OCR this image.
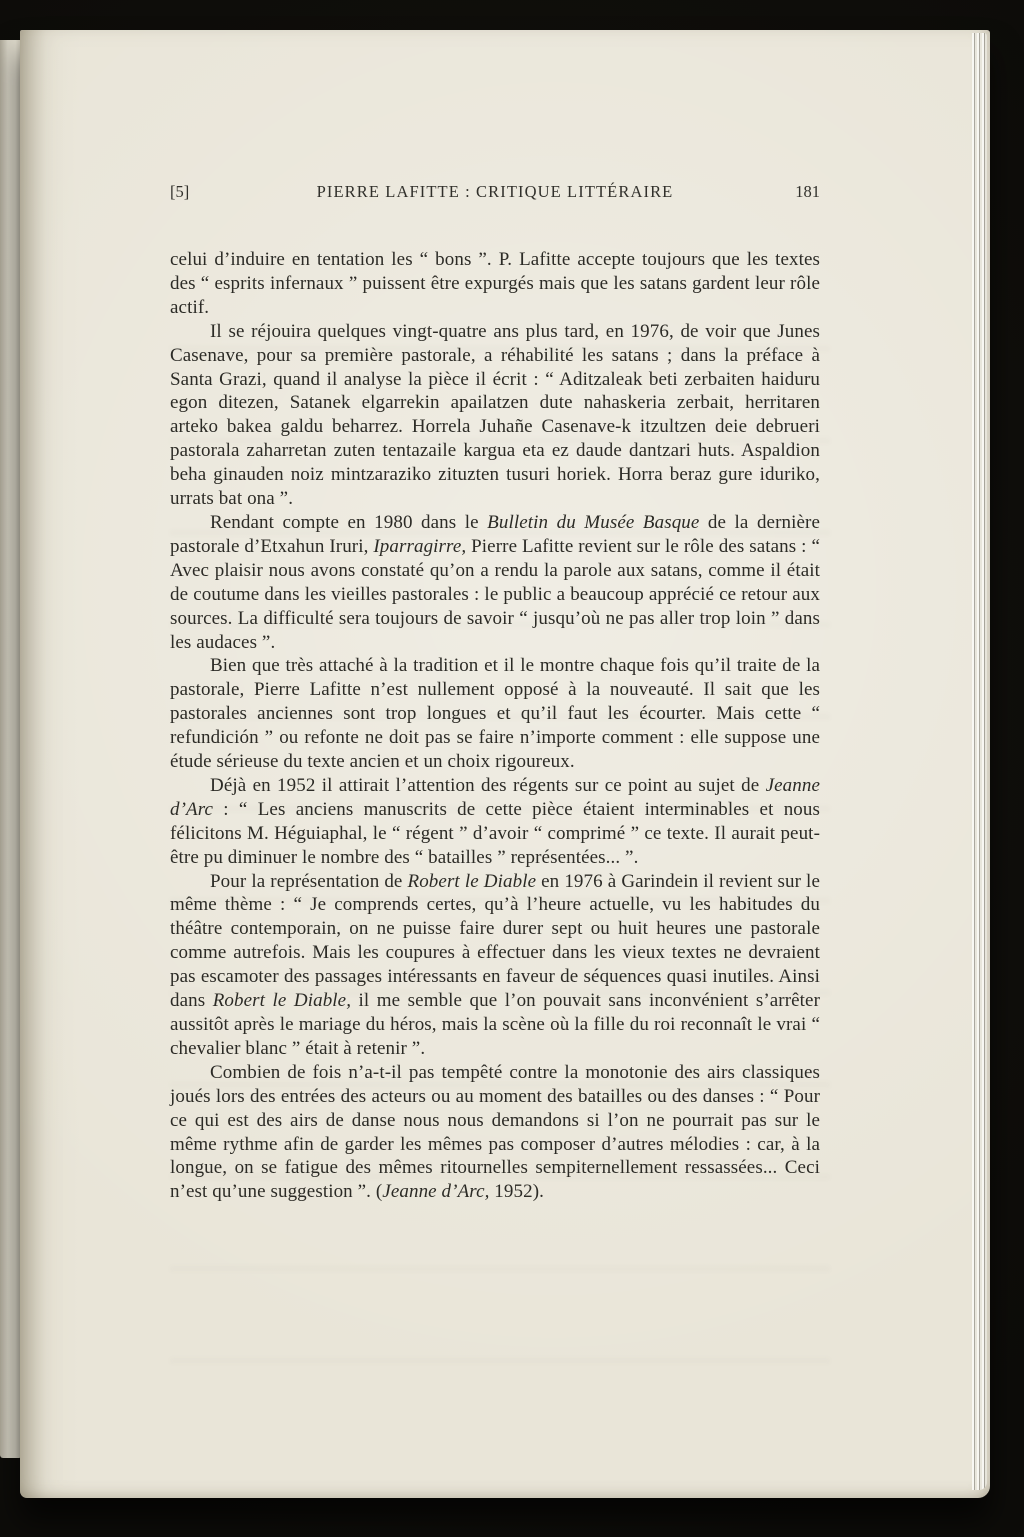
[5]	PIERRE LAFITTE : CRITIQUE LITTÉRAIRE	181

celui d’induire en tentation les “ bons ”. P. Lafitte accepte toujours que les textes des “ esprits infernaux ” puissent être expurgés mais que les satans gardent leur rôle actif.

Il se réjouira quelques vingt-quatre ans plus tard, en 1976, de voir que Junes Casenave, pour sa première pastorale, a réhabilité les satans ; dans la préface à Santa Grazi, quand il analyse la pièce il écrit : “ Aditzaleak beti zerbaiten haiduru egon ditezen, Satanek elgarrekin apailatzen dute nahaskeria zerbait, herritaren arteko bakea galdu beharrez. Horrela Juhañe Casenave-k itzultzen deie debrueri pastorala zaharretan zuten tentazaile kargua eta ez daude dantzari huts. Aspaldion beha ginauden noiz mintzaraziko zituzten tusuri horiek. Horra beraz gure iduriko, urrats bat ona ”.

Rendant compte en 1980 dans le Bulletin du Musée Basque de la dernière pastorale d’Etxahun Iruri, Iparragirre, Pierre Lafitte revient sur le rôle des satans : “ Avec plaisir nous avons constaté qu’on a rendu la parole aux satans, comme il était de coutume dans les vieilles pastorales : le public a beaucoup apprécié ce retour aux sources. La difficulté sera toujours de savoir “ jusqu’où ne pas aller trop loin ” dans les audaces ”.

Bien que très attaché à la tradition et il le montre chaque fois qu’il traite de la pastorale, Pierre Lafitte n’est nullement opposé à la nouveauté. Il sait que les pastorales anciennes sont trop longues et qu’il faut les écourter. Mais cette “ refundición ” ou refonte ne doit pas se faire n’importe comment : elle suppose une étude sérieuse du texte ancien et un choix rigoureux.

Déjà en 1952 il attirait l’attention des régents sur ce point au sujet de Jeanne d’Arc : “ Les anciens manuscrits de cette pièce étaient interminables et nous félicitons M. Héguiaphal, le “ régent ” d’avoir “ comprimé ” ce texte. Il aurait peut-être pu diminuer le nombre des “ batailles ” représentées... ”.

Pour la représentation de Robert le Diable en 1976 à Garindein il revient sur le même thème : “ Je comprends certes, qu’à l’heure actuelle, vu les habitudes du théâtre contemporain, on ne puisse faire durer sept ou huit heures une pastorale comme autrefois. Mais les coupures à effectuer dans les vieux textes ne devraient pas escamoter des passages intéressants en faveur de séquences quasi inutiles. Ainsi dans Robert le Diable, il me semble que l’on pouvait sans inconvénient s’arrêter aussitôt après le mariage du héros, mais la scène où la fille du roi reconnaît le vrai “ chevalier blanc ” était à retenir ”.

Combien de fois n’a-t-il pas tempêté contre la monotonie des airs classiques joués lors des entrées des acteurs ou au moment des batailles ou des danses : “ Pour ce qui est des airs de danse nous nous demandons si l’on ne pourrait pas sur le même rythme afin de garder les mêmes pas composer d’autres mélodies : car, à la longue, on se fatigue des mêmes ritournelles sempiternellement ressassées... Ceci n’est qu’une suggestion ”. (Jeanne d’Arc, 1952).
